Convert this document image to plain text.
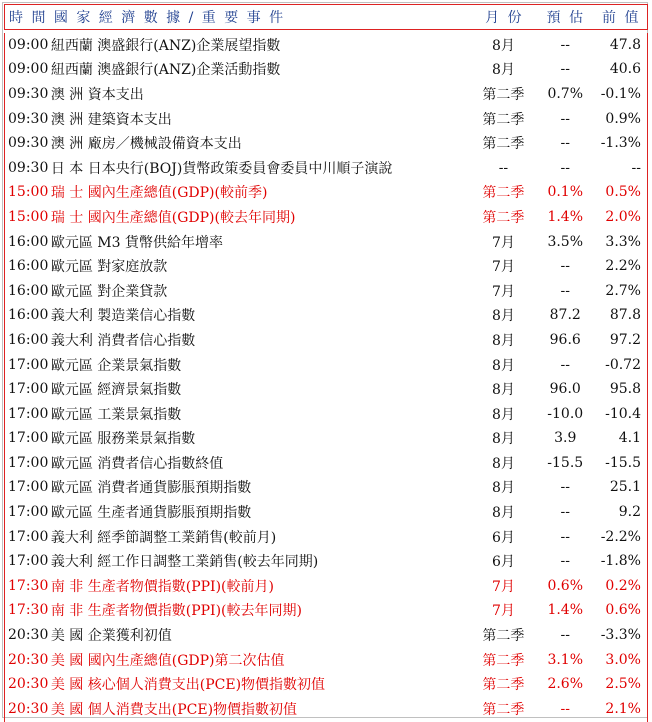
時 間 國 家 經 濟 數 據 / 重 要 事 件	月 份	預 估	前 值
09:00 紐西蘭 澳盛銀行(ANZ)企業展望指數	8月	--	47.8
09:00 紐西蘭 澳盛銀行(ANZ)企業活動指數	8月	--	40.6
09:30 澳 洲 資本支出	第二季	0.7%	-0.1%
09:30 澳 洲 建築資本支出	第二季	--	0.9%
09:30 澳 洲 廠房／機械設備資本支出	第二季	--	-1.3%
09:30 日 本 日本央行(BOJ)貨幣政策委員會委員中川順子演說	--	--	--
15:00 瑞 士 國內生產總值(GDP)(較前季)	第二季	0.1%	0.5%
15:00 瑞 士 國內生產總值(GDP)(較去年同期)	第二季	1.4%	2.0%
16:00 歐元區 M3 貨幣供給年增率	7月	3.5%	3.3%
16:00 歐元區 對家庭放款	7月	--	2.2%
16:00 歐元區 對企業貸款	7月	--	2.7%
16:00 義大利 製造業信心指數	8月	87.2	87.8
16:00 義大利 消費者信心指數	8月	96.6	97.2
17:00 歐元區 企業景氣指數	8月	--	-0.72
17:00 歐元區 經濟景氣指數	8月	96.0	95.8
17:00 歐元區 工業景氣指數	8月	-10.0	-10.4
17:00 歐元區 服務業景氣指數	8月	3.9	4.1
17:00 歐元區 消費者信心指數終值	8月	-15.5	-15.5
17:00 歐元區 消費者通貨膨脹預期指數	8月	--	25.1
17:00 歐元區 生產者通貨膨脹預期指數	8月	--	9.2
17:00 義大利 經季節調整工業銷售(較前月)	6月	--	-2.2%
17:00 義大利 經工作日調整工業銷售(較去年同期)	6月	--	-1.8%
17:30 南 非 生產者物價指數(PPI)(較前月)	7月	0.6%	0.2%
17:30 南 非 生產者物價指數(PPI)(較去年同期)	7月	1.4%	0.6%
20:30 美 國 企業獲利初值	第二季	--	-3.3%
20:30 美 國 國內生產總值(GDP)第二次估值	第二季	3.1%	3.0%
20:30 美 國 核心個人消費支出(PCE)物價指數初值	第二季	2.6%	2.5%
20:30 美 國 個人消費支出(PCE)物價指數初值	第二季	--	2.1%
